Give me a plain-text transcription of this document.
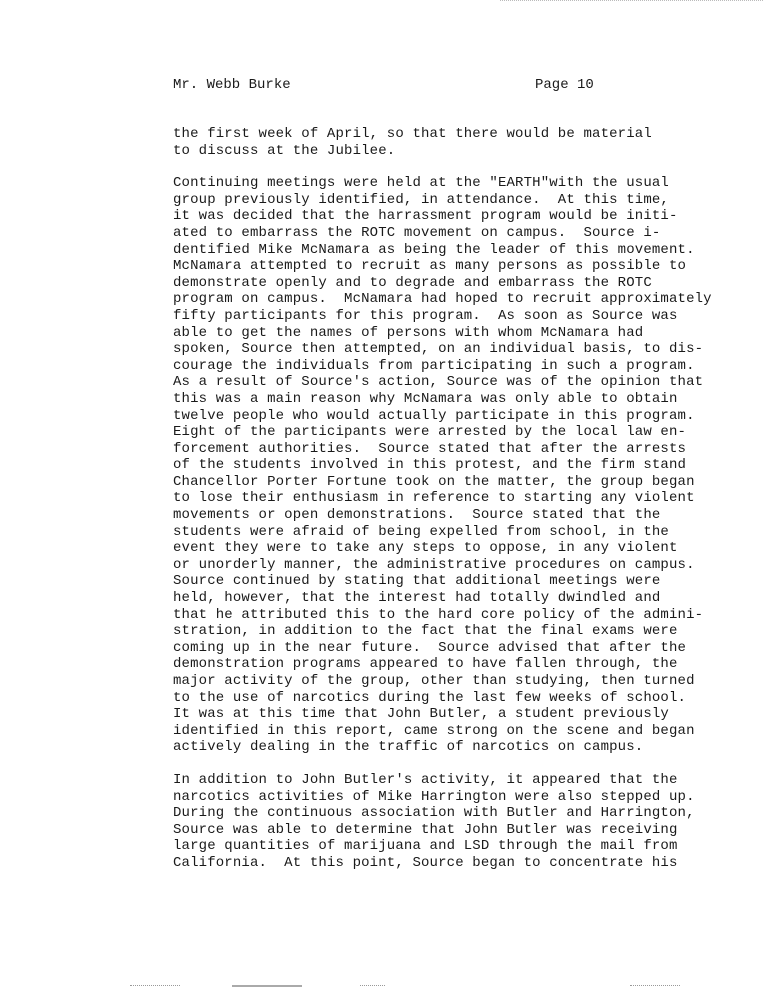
Mr. Webb Burke	Page 10
the first week of April, so that there would be material
to discuss at the Jubilee.
Continuing meetings were held at the "EARTH"with the usual
group previously identified, in attendance.  At this time,
it was decided that the harrassment program would be initi-
ated to embarrass the ROTC movement on campus.  Source i-
dentified Mike McNamara as being the leader of this movement.
McNamara attempted to recruit as many persons as possible to
demonstrate openly and to degrade and embarrass the ROTC
program on campus.  McNamara had hoped to recruit approximately
fifty participants for this program.  As soon as Source was
able to get the names of persons with whom McNamara had
spoken, Source then attempted, on an individual basis, to dis-
courage the individuals from participating in such a program.
As a result of Source's action, Source was of the opinion that
this was a main reason why McNamara was only able to obtain
twelve people who would actually participate in this program.
Eight of the participants were arrested by the local law en-
forcement authorities.  Source stated that after the arrests
of the students involved in this protest, and the firm stand
Chancellor Porter Fortune took on the matter, the group began
to lose their enthusiasm in reference to starting any violent
movements or open demonstrations.  Source stated that the
students were afraid of being expelled from school, in the
event they were to take any steps to oppose, in any violent
or unorderly manner, the administrative procedures on campus.
Source continued by stating that additional meetings were
held, however, that the interest had totally dwindled and
that he attributed this to the hard core policy of the admini-
stration, in addition to the fact that the final exams were
coming up in the near future.  Source advised that after the
demonstration programs appeared to have fallen through, the
major activity of the group, other than studying, then turned
to the use of narcotics during the last few weeks of school.
It was at this time that John Butler, a student previously
identified in this report, came strong on the scene and began
actively dealing in the traffic of narcotics on campus.
In addition to John Butler's activity, it appeared that the
narcotics activities of Mike Harrington were also stepped up.
During the continuous association with Butler and Harrington,
Source was able to determine that John Butler was receiving
large quantities of marijuana and LSD through the mail from
California.  At this point, Source began to concentrate his
